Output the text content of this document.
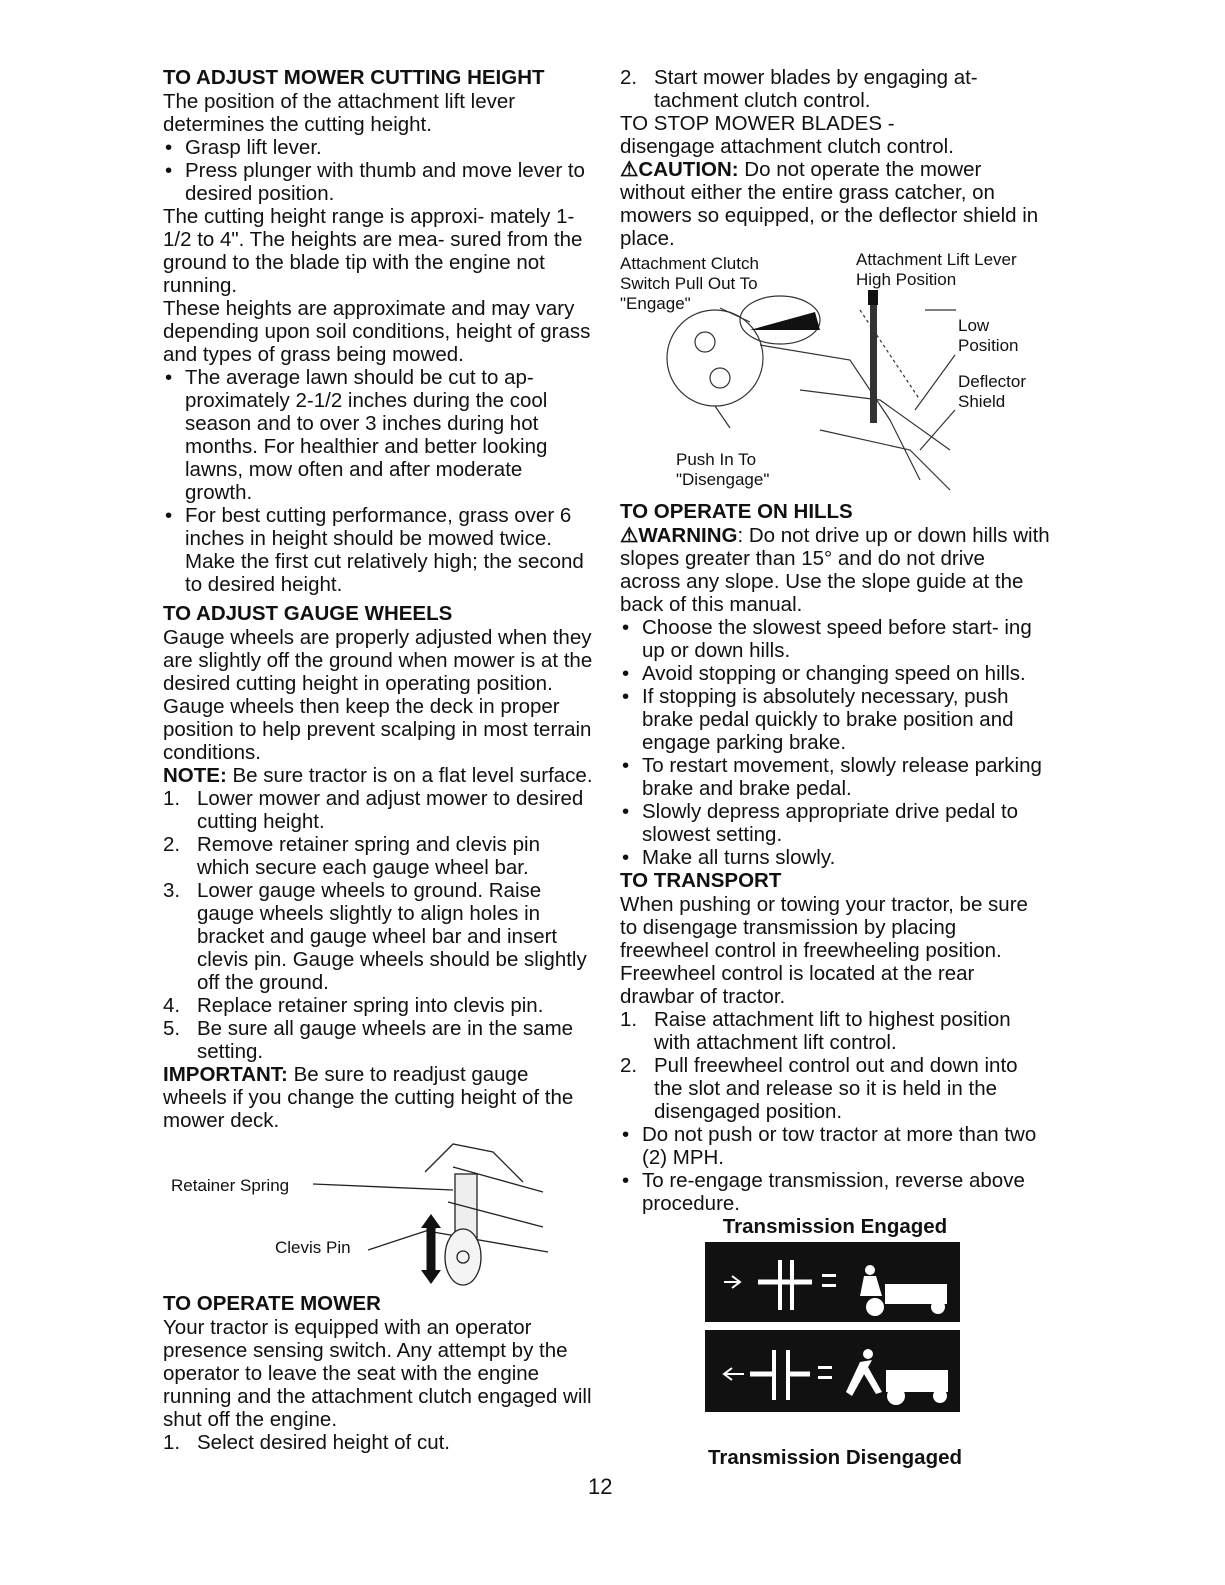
TO ADJUST MOWER CUTTING HEIGHT

The position of the attachment lift lever determines the cutting height.

• Grasp lift lever.

• Press plunger with thumb and move lever to desired position.

The cutting height range is approxi- mately 1-1/2 to 4". The heights are mea- sured from the ground to the blade tip with the engine not running.

These heights are approximate and may vary depending upon soil conditions, height of grass and types of grass being mowed.

• The average lawn should be cut to ap- proximately 2-1/2 inches during the cool season and to over 3 inches during hot months. For healthier and better looking lawns, mow often and after moderate growth.

• For best cutting performance, grass over 6 inches in height should be mowed twice. Make the first cut relatively high; the second to desired height.

TO ADJUST GAUGE WHEELS

Gauge wheels are properly adjusted when they are slightly off the ground when mower is at the desired cutting height in operating position. Gauge wheels then keep the deck in proper position to help prevent scalping in most terrain conditions.

NOTE: Be sure tractor is on a flat level surface.

1. Lower mower and adjust mower to desired cutting height.

2. Remove retainer spring and clevis pin which secure each gauge wheel bar.

3. Lower gauge wheels to ground. Raise gauge wheels slightly to align holes in bracket and gauge wheel bar and insert clevis pin. Gauge wheels should be slightly off the ground.

4. Replace retainer spring into clevis pin.

5. Be sure all gauge wheels are in the same setting.

IMPORTANT: Be sure to readjust gauge wheels if you change the cutting height of the mower deck.

Retainer Spring
Clevis Pin
TO OPERATE MOWER

Your tractor is equipped with an operator presence sensing switch. Any attempt by the operator to leave the seat with the engine running and the attachment clutch engaged will shut off the engine.

1. Select desired height of cut.

2. Start mower blades by engaging at- tachment clutch control.

TO STOP MOWER BLADES -

disengage attachment clutch control.

⚠CAUTION: Do not operate the mower without either the entire grass catcher, on mowers so equipped, or the deflector shield in place.

Attachment Clutch
Switch Pull Out To
"Engage"
Attachment Lift Lever
High Position
Low
Position
Deflector
Shield
Push In To
"Disengage"
TO OPERATE ON HILLS

⚠WARNING: Do not drive up or down hills with slopes greater than 15° and do not drive across any slope. Use the slope guide at the back of this manual.

• Choose the slowest speed before start- ing up or down hills.

• Avoid stopping or changing speed on hills.

• If stopping is absolutely necessary, push brake pedal quickly to brake position and engage parking brake.

• To restart movement, slowly release parking brake and brake pedal.

• Slowly depress appropriate drive pedal to slowest setting.

• Make all turns slowly.

TO TRANSPORT

When pushing or towing your tractor, be sure to disengage transmission by placing freewheel control in freewheeling position. Freewheel control is located at the rear drawbar of tractor.

1. Raise attachment lift to highest position with attachment lift control.

2. Pull freewheel control out and down into the slot and release so it is held in the disengaged position.

• Do not push or tow tractor at more than two (2) MPH.

• To re-engage transmission, reverse above procedure.

Transmission Engaged

Transmission Disengaged

12
